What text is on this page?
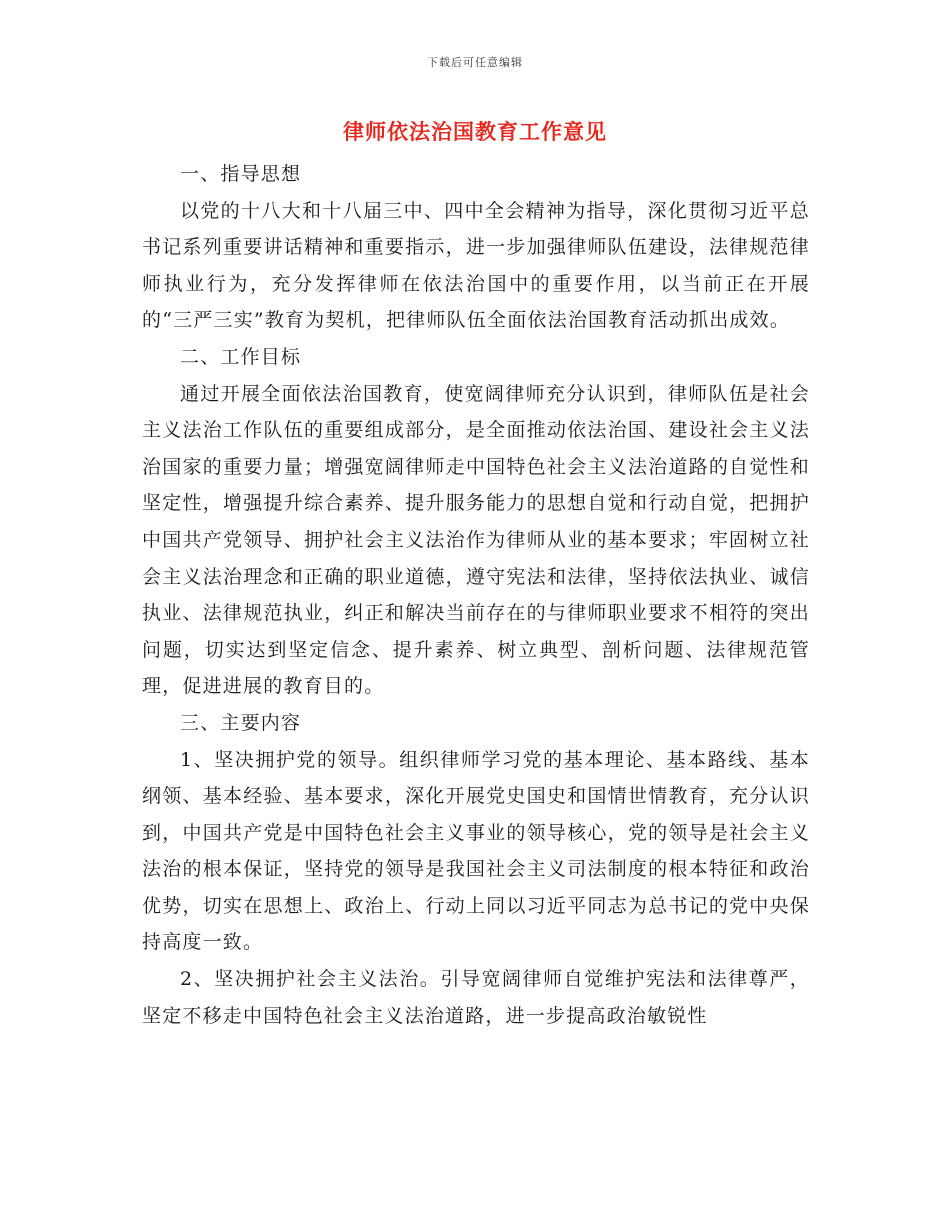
下载后可任意编辑
律师依法治国教育工作意见

一、指导思想

以党的十八大和十八届三中、四中全会精神为指导，深化贯彻习近平总书记系列重要讲话精神和重要指示，进一步加强律师队伍建设，法律规范律师执业行为，充分发挥律师在依法治国中的重要作用，以当前正在开展的“三严三实”教育为契机，把律师队伍全面依法治国教育活动抓出成效。

二、工作目标

通过开展全面依法治国教育，使宽阔律师充分认识到，律师队伍是社会主义法治工作队伍的重要组成部分，是全面推动依法治国、建设社会主义法治国家的重要力量；增强宽阔律师走中国特色社会主义法治道路的自觉性和坚定性，增强提升综合素养、提升服务能力的思想自觉和行动自觉，把拥护中国共产党领导、拥护社会主义法治作为律师从业的基本要求；牢固树立社会主义法治理念和正确的职业道德，遵守宪法和法律，坚持依法执业、诚信执业、法律规范执业，纠正和解决当前存在的与律师职业要求不相符的突出问题，切实达到坚定信念、提升素养、树立典型、剖析问题、法律规范管理，促进进展的教育目的。

三、主要内容

1、坚决拥护党的领导。组织律师学习党的基本理论、基本路线、基本纲领、基本经验、基本要求，深化开展党史国史和国情世情教育，充分认识到，中国共产党是中国特色社会主义事业的领导核心，党的领导是社会主义法治的根本保证，坚持党的领导是我国社会主义司法制度的根本特征和政治优势，切实在思想上、政治上、行动上同以习近平同志为总书记的党中央保持高度一致。

2、坚决拥护社会主义法治。引导宽阔律师自觉维护宪法和法律尊严，坚定不移走中国特色社会主义法治道路，进一步提高政治敏锐性
